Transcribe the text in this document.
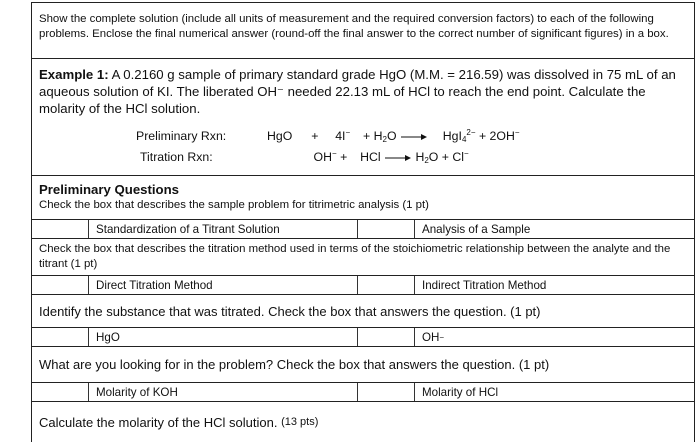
Show the complete solution (include all units of measurement and the required conversion factors) to each of the following problems. Enclose the final numerical answer (round-off the final answer to the correct number of significant figures) in a box.
Example 1: A 0.2160 g sample of primary standard grade HgO (M.M. = 216.59) was dissolved in 75 mL of an aqueous solution of KI. The liberated OH⁻ needed 22.13 mL of HCl to reach the end point. Calculate the molarity of the HCl solution.
Preliminary Rxn:	HgO + $4I^- + H_2O \to HgI_4^{2-} + 2OH^-$
Titration Rxn:	OH− + HCl → $H_2O + Cl^-$
Preliminary Questions
Check the box that describes the sample problem for titrimetric analysis (1 pt)
Standardization of a Titrant Solution	Analysis of a Sample
Check the box that describes the titration method used in terms of the stoichiometric relationship between the analyte and the titrant (1 pt)
Direct Titration Method	Indirect Titration Method
Identify the substance that was titrated. Check the box that answers the question. (1 pt)
HgO	OH −
What are you looking for in the problem? Check the box that answers the question. (1 pt)
Molarity of KOH	Molarity of HCl
Calculate the molarity of the HCl solution.
(13 pts)
